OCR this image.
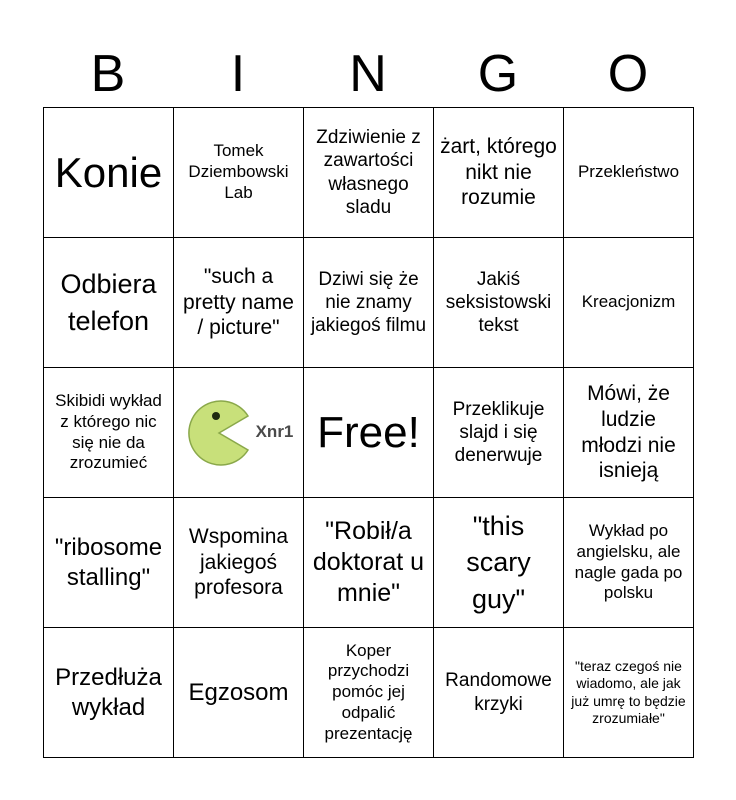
B	I	N	G	O
Konie	Tomek Dziembowski Lab	Zdziwienie z zawartości własnego sladu	żart, którego nikt nie rozumie	Przekleństwo
Odbiera telefon	"such a pretty name / picture"	Dziwi się że nie znamy jakiegoś filmu	Jakiś seksistowski tekst	Kreacjonizm
Skibidi wykład z którego nic się nie da zrozumieć	Xnr1	Free!	Przeklikuje slajd i się denerwuje	Mówi, że ludzie młodzi nie isnieją
"ribosome stalling"	Wspomina jakiegoś profesora	"Robił/a doktorat u mnie"	"this scary guy"	Wykład po angielsku, ale nagle gada po polsku
Przedłuża wykład	Egzosom	Koper przychodzi pomóc jej odpalić prezentację	Randomowe krzyki	"teraz czegoś nie wiadomo, ale jak już umrę to będzie zrozumiałe"
